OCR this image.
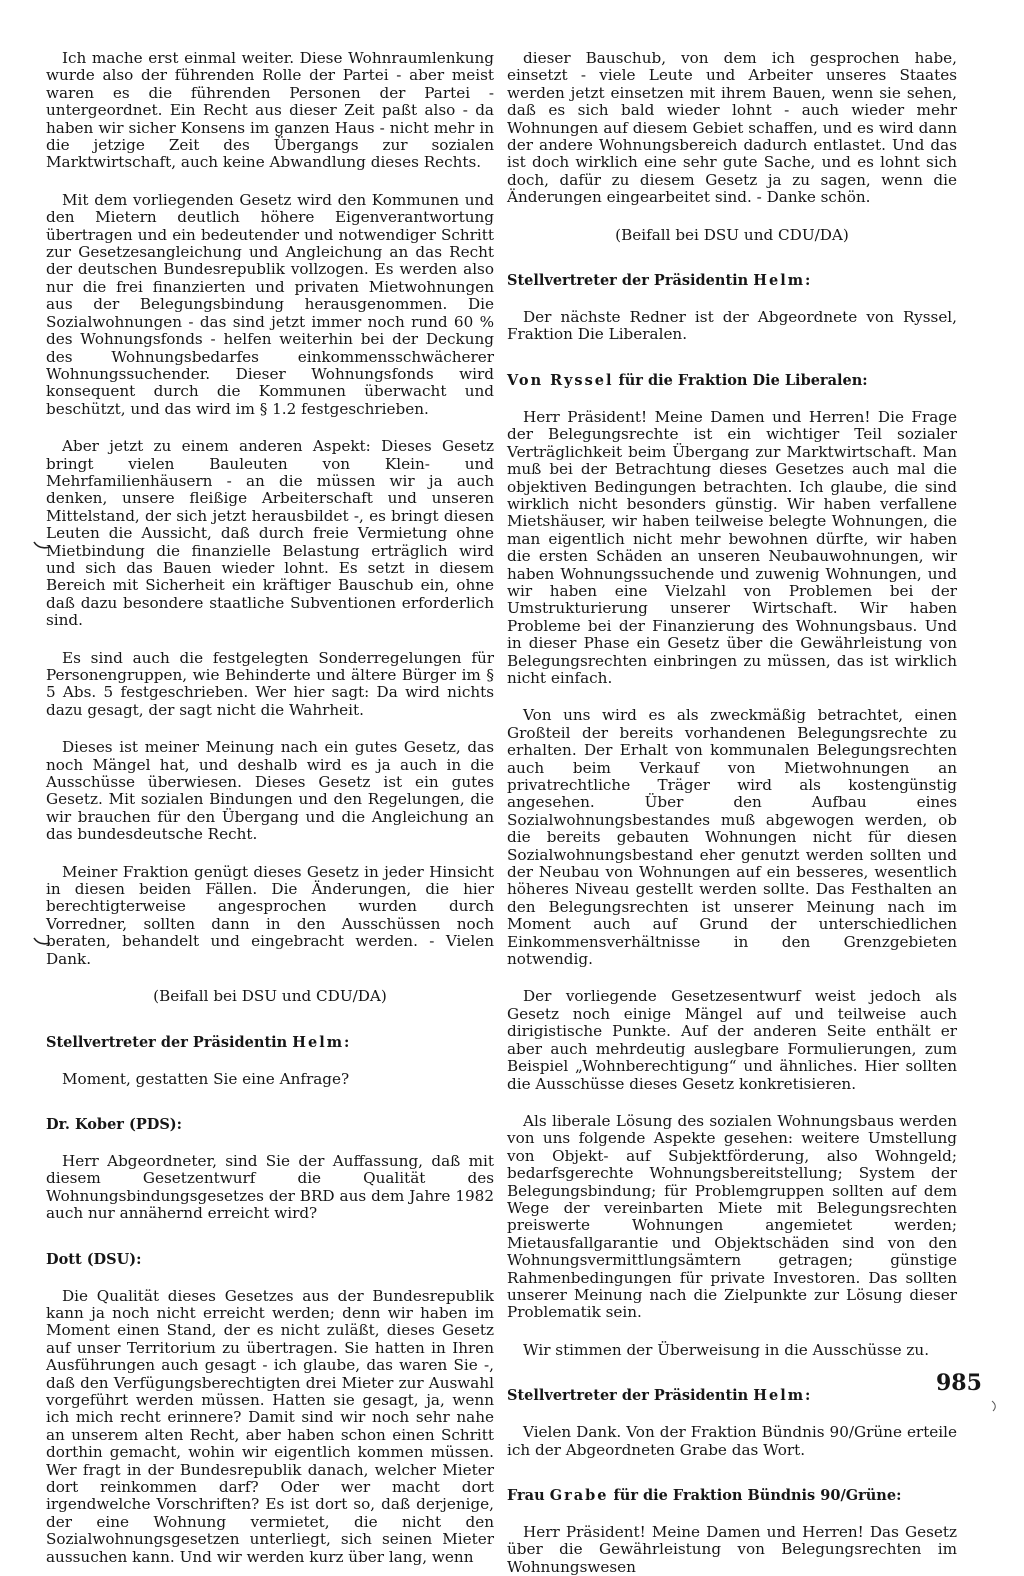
Ich mache erst einmal weiter. Diese Wohnraumlenkung wurde also der führenden Rolle der Partei - aber meist waren es die führenden Personen der Partei - untergeordnet. Ein Recht aus dieser Zeit paßt also - da haben wir sicher Konsens im ganzen Haus - nicht mehr in die jetzige Zeit des Übergangs zur sozialen Marktwirtschaft, auch keine Abwandlung dieses Rechts.

Mit dem vorliegenden Gesetz wird den Kommunen und den Mietern deutlich höhere Eigenverantwortung übertragen und ein bedeutender und notwendiger Schritt zur Gesetzesangleichung und Angleichung an das Recht der deutschen Bundesrepublik vollzogen. Es werden also nur die frei finanzierten und privaten Mietwohnungen aus der Belegungsbindung herausgenommen. Die Sozialwohnungen - das sind jetzt immer noch rund 60 % des Wohnungsfonds - helfen weiterhin bei der Deckung des Wohnungsbedarfes einkommensschwächerer Wohnungssuchender. Dieser Wohnungsfonds wird konsequent durch die Kommunen überwacht und beschützt, und das wird im § 1.2 festgeschrieben.

Aber jetzt zu einem anderen Aspekt: Dieses Gesetz bringt vielen Bauleuten von Klein- und Mehrfamilienhäusern - an die müssen wir ja auch denken, unsere fleißige Arbeiterschaft und unseren Mittelstand, der sich jetzt herausbildet -, es bringt diesen Leuten die Aussicht, daß durch freie Vermietung ohne Mietbindung die finanzielle Belastung erträglich wird und sich das Bauen wieder lohnt. Es setzt in diesem Bereich mit Sicherheit ein kräftiger Bauschub ein, ohne daß dazu besondere staatliche Subventionen erforderlich sind.

Es sind auch die festgelegten Sonderregelungen für Personengruppen, wie Behinderte und ältere Bürger im § 5 Abs. 5 festgeschrieben. Wer hier sagt: Da wird nichts dazu gesagt, der sagt nicht die Wahrheit.

Dieses ist meiner Meinung nach ein gutes Gesetz, das noch Mängel hat, und deshalb wird es ja auch in die Ausschüsse überwiesen. Dieses Gesetz ist ein gutes Gesetz. Mit sozialen Bindungen und den Regelungen, die wir brauchen für den Übergang und die Angleichung an das bundesdeutsche Recht.

Meiner Fraktion genügt dieses Gesetz in jeder Hinsicht in diesen beiden Fällen. Die Änderungen, die hier berechtigterweise angesprochen wurden durch Vorredner, sollten dann in den Ausschüssen noch beraten, behandelt und eingebracht werden. - Vielen Dank.

(Beifall bei DSU und CDU/DA)

Stellvertreter der Präsidentin Helm:

Moment, gestatten Sie eine Anfrage?

Dr. Kober (PDS):

Herr Abgeordneter, sind Sie der Auffassung, daß mit diesem Gesetzentwurf die Qualität des Wohnungsbindungsgesetzes der BRD aus dem Jahre 1982 auch nur annähernd erreicht wird?

Dott (DSU):

Die Qualität dieses Gesetzes aus der Bundesrepublik kann ja noch nicht erreicht werden; denn wir haben im Moment einen Stand, der es nicht zuläßt, dieses Gesetz auf unser Territorium zu übertragen. Sie hatten in Ihren Ausführungen auch gesagt - ich glaube, das waren Sie -, daß den Verfügungsberechtigten drei Mieter zur Auswahl vorgeführt werden müssen. Hatten sie gesagt, ja, wenn ich mich recht erinnere? Damit sind wir noch sehr nahe an unserem alten Recht, aber haben schon einen Schritt dorthin gemacht, wohin wir eigentlich kommen müssen. Wer fragt in der Bundesrepublik danach, welcher Mieter dort reinkommen darf? Oder wer macht dort irgendwelche Vorschriften? Es ist dort so, daß derjenige, der eine Wohnung vermietet, die nicht den Sozialwohnungsgesetzen unterliegt, sich seinen Mieter aussuchen kann. Und wir werden kurz über lang, wenn

dieser Bauschub, von dem ich gesprochen habe, einsetzt - viele Leute und Arbeiter unseres Staates werden jetzt einsetzen mit ihrem Bauen, wenn sie sehen, daß es sich bald wieder lohnt - auch wieder mehr Wohnungen auf diesem Gebiet schaffen, und es wird dann der andere Wohnungsbereich dadurch entlastet. Und das ist doch wirklich eine sehr gute Sache, und es lohnt sich doch, dafür zu diesem Gesetz ja zu sagen, wenn die Änderungen eingearbeitet sind. - Danke schön.

(Beifall bei DSU und CDU/DA)

Stellvertreter der Präsidentin Helm:

Der nächste Redner ist der Abgeordnete von Ryssel, Fraktion Die Liberalen.

Von Ryssel für die Fraktion Die Liberalen:

Herr Präsident! Meine Damen und Herren! Die Frage der Belegungsrechte ist ein wichtiger Teil sozialer Verträglichkeit beim Übergang zur Marktwirtschaft. Man muß bei der Betrachtung dieses Gesetzes auch mal die objektiven Bedingungen betrachten. Ich glaube, die sind wirklich nicht besonders günstig. Wir haben verfallene Mietshäuser, wir haben teilweise belegte Wohnungen, die man eigentlich nicht mehr bewohnen dürfte, wir haben die ersten Schäden an unseren Neubauwohnungen, wir haben Wohnungssuchende und zuwenig Wohnungen, und wir haben eine Vielzahl von Problemen bei der Umstrukturierung unserer Wirtschaft. Wir haben Probleme bei der Finanzierung des Wohnungsbaus. Und in dieser Phase ein Gesetz über die Gewährleistung von Belegungsrechten einbringen zu müssen, das ist wirklich nicht einfach.

Von uns wird es als zweckmäßig betrachtet, einen Großteil der bereits vorhandenen Belegungsrechte zu erhalten. Der Erhalt von kommunalen Belegungsrechten auch beim Verkauf von Mietwohnungen an privatrechtliche Träger wird als kostengünstig angesehen. Über den Aufbau eines Sozialwohnungsbestandes muß abgewogen werden, ob die bereits gebauten Wohnungen nicht für diesen Sozialwohnungsbestand eher genutzt werden sollten und der Neubau von Wohnungen auf ein besseres, wesentlich höheres Niveau gestellt werden sollte. Das Festhalten an den Belegungsrechten ist unserer Meinung nach im Moment auch auf Grund der unterschiedlichen Einkommensverhältnisse in den Grenzgebieten notwendig.

Der vorliegende Gesetzesentwurf weist jedoch als Gesetz noch einige Mängel auf und teilweise auch dirigistische Punkte. Auf der anderen Seite enthält er aber auch mehrdeutig auslegbare Formulierungen, zum Beispiel „Wohnberechtigung“ und ähnliches. Hier sollten die Ausschüsse dieses Gesetz konkretisieren.

Als liberale Lösung des sozialen Wohnungsbaus werden von uns folgende Aspekte gesehen: weitere Umstellung von Objekt- auf Subjektförderung, also Wohngeld; bedarfsgerechte Wohnungsbereitstellung; System der Belegungsbindung; für Problemgruppen sollten auf dem Wege der vereinbarten Miete mit Belegungsrechten preiswerte Wohnungen angemietet werden; Mietausfallgarantie und Objektschäden sind von den Wohnungsvermittlungsämtern getragen; günstige Rahmenbedingungen für private Investoren. Das sollten unserer Meinung nach die Zielpunkte zur Lösung dieser Problematik sein.

Wir stimmen der Überweisung in die Ausschüsse zu.

Stellvertreter der Präsidentin Helm:

Vielen Dank. Von der Fraktion Bündnis 90/Grüne erteile ich der Abgeordneten Grabe das Wort.

Frau Grabe für die Fraktion Bündnis 90/Grüne:

Herr Präsident! Meine Damen und Herren! Das Gesetz über die Gewährleistung von Belegungsrechten im Wohnungswesen

985
